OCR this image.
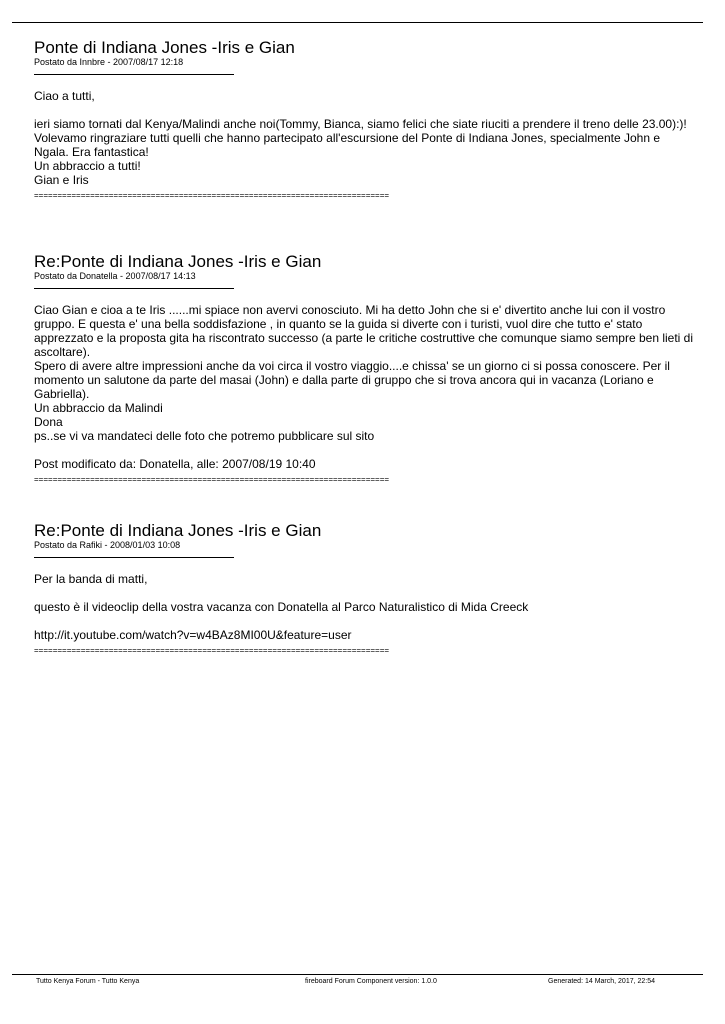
Ponte di Indiana Jones -Iris e Gian
Postato da Innbre - 2007/08/17 12:18

Ciao a tutti,

ieri siamo tornati dal Kenya/Malindi anche noi(Tommy, Bianca, siamo felici che siate riuciti a prendere il treno delle 23.00):)!
Volevamo ringraziare tutti quelli che hanno partecipato all'escursione del Ponte di Indiana Jones, specialmente John e Ngala. Era fantastica!
Un abbraccio a tutti!
Gian e Iris

============================================================================
Re:Ponte di Indiana Jones -Iris e Gian
Postato da Donatella - 2007/08/17 14:13

Ciao Gian e cioa a te Iris ......mi spiace non avervi conosciuto. Mi ha detto John che si e' divertito anche lui con il vostro gruppo. E questa e' una bella soddisfazione , in quanto se la guida si diverte con i turisti, vuol dire che tutto e' stato apprezzato e la proposta gita ha riscontrato successo (a parte le critiche costruttive che comunque siamo sempre ben lieti di ascoltare).
Spero di avere altre impressioni anche da voi circa il vostro viaggio....e chissa' se un giorno ci si possa conoscere. Per il momento un salutone da parte del masai (John) e dalla parte di gruppo che si trova ancora qui in vacanza (Loriano e Gabriella).
Un abbraccio da Malindi
Dona
ps..se vi va mandateci delle foto che potremo pubblicare sul sito

Post modificato da: Donatella, alle: 2007/08/19 10:40

============================================================================
Re:Ponte di Indiana Jones -Iris e Gian
Postato da Rafiki - 2008/01/03 10:08

Per la banda di matti,

questo è il videoclip della vostra vacanza con Donatella al Parco Naturalistico di Mida Creeck

http://it.youtube.com/watch?v=w4BAz8MI00U&feature=user

============================================================================
Tutto Kenya Forum - Tutto Kenya	fireboard Forum Component version: 1.0.0	Generated: 14 March, 2017, 22:54
